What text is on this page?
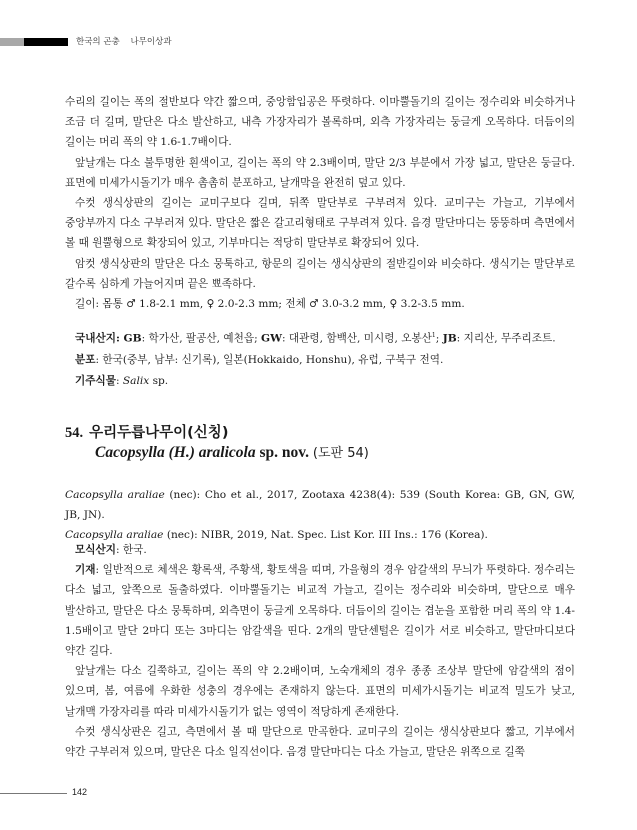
한국의 곤충 나무이상과

수리의 길이는 폭의 절반보다 약간 짧으며, 중앙함입공은 뚜렷하다. 이마뿔돌기의 길이는 정수리와 비슷하거나 조금 더 길며, 말단은 다소 발산하고, 내측 가장자리가 볼록하며, 외측 가장자리는 둥글게 오목하다. 더듬이의 길이는 머리 폭의 약 1.6-1.7배이다.

앞날개는 다소 불투명한 흰색이고, 길이는 폭의 약 2.3배이며, 말단 2/3 부분에서 가장 넓고, 말단은 둥글다. 표면에 미세가시돌기가 매우 촘촘히 분포하고, 날개막을 완전히 덮고 있다.

수컷 생식상판의 길이는 교미구보다 길며, 뒤쪽 말단부로 구부려져 있다. 교미구는 가늘고, 기부에서 중앙부까지 다소 구부러져 있다. 말단은 짧은 갈고리형태로 구부려져 있다. 음경 말단마디는 뚱뚱하며 측면에서 볼 때 원뿔형으로 확장되어 있고, 기부마디는 적당히 말단부로 확장되어 있다.

암컷 생식상판의 말단은 다소 뭉툭하고, 항문의 길이는 생식상판의 절반길이와 비슷하다. 생식기는 말단부로 갈수록 심하게 가늘어지며 끝은 뾰족하다.

길이: 몸통 ♂ 1.8-2.1 mm, ♀ 2.0-2.3 mm; 전체 ♂ 3.0-3.2 mm, ♀ 3.2-3.5 mm.

국내산지: GB: 학가산, 팔공산, 예천읍; GW: 대관령, 함백산, 미시령, 오봉산$^1$; JB: 지리산, 무주리조트.

분포: 한국(중부, 남부: 신기록), 일본(Hokkaido, Honshu), 유럽, 구북구 전역.

기주식물: Salix sp.

54. 우리두릅나무이(신칭)
Cacopsylla (H.) aralicola sp. nov. (도판 54)

Cacopsylla araliae (nec): Cho et al., 2017, Zootaxa 4238(4): 539 (South Korea: GB, GN, GW, JB, JN).

Cacopsylla araliae (nec): NIBR, 2019, Nat. Spec. List Kor. III Ins.: 176 (Korea).

모식산지: 한국.

기재: 일반적으로 체색은 황록색, 주황색, 황토색을 띠며, 가을형의 경우 암갈색의 무늬가 뚜렷하다. 정수리는 다소 넓고, 앞쪽으로 돌출하였다. 이마뿔돌기는 비교적 가늘고, 길이는 정수리와 비슷하며, 말단으로 매우 발산하고, 말단은 다소 뭉툭하며, 외측면이 둥글게 오목하다. 더듬이의 길이는 겹눈을 포함한 머리 폭의 약 1.4-1.5배이고 말단 2마디 또는 3마디는 암갈색을 띤다. 2개의 말단센털은 길이가 서로 비슷하고, 말단마디보다 약간 길다.

앞날개는 다소 길쭉하고, 길이는 폭의 약 2.2배이며, 노숙개체의 경우 종종 조상부 말단에 암갈색의 점이 있으며, 봄, 여름에 우화한 성충의 경우에는 존재하지 않는다. 표면의 미세가시돌기는 비교적 밀도가 낮고, 날개맥 가장자리를 따라 미세가시돌기가 없는 영역이 적당하게 존재한다.

수컷 생식상판은 길고, 측면에서 볼 때 말단으로 만곡한다. 교미구의 길이는 생식상판보다 짧고, 기부에서 약간 구부러져 있으며, 말단은 다소 일직선이다. 음경 말단마디는 다소 가늘고, 말단은 위쪽으로 길쭉

142
